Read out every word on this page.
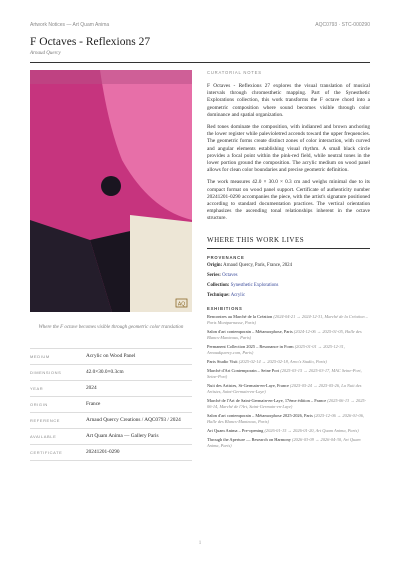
Artwork Notices — Art Quam Anima	AQC0793 · STC-000290
F Octaves - Reflexions 27
Arnaud Quercy
AQ
Where the F octave becomes visible through geometric color translation
MEDIUM	Acrylic on Wood Panel
DIMENSIONS	42.0×30.0×0.3cm
YEAR	2024
ORIGIN	France
REFERENCE	Arnaud Quercy Creations / AQC0793 / 2024
AVAILABLE	Art Quam Anima — Gallery Paris
CERTIFICATE	20241201-0290
CURATORIAL NOTES

F Octaves - Reflexions 27 explores the visual translation of musical intervals through chromesthetic mapping. Part of the Synesthetic Explorations collection, this work transforms the F octave chord into a geometric composition where sound becomes visible through color dominance and spatial organization.

Red tones dominate the composition, with indianred and brown anchoring the lower register while palevioletred accends toward the upper frequencies. The geometric forms create distinct zones of color interaction, with curved and angular elements establishing visual rhythm. A small black circle provides a focal point within the pink-red field, while neutral tones in the lower portion ground the composition. The acrylic medium on wood panel allows for clean color boundaries and precise geometric definition.

The work measures 42.0 × 30.0 × 0.3 cm and weighs minimal due to its compact format on wood panel support. Certificate of authenticity number 20241201-0290 accompanies the piece, with the artist's signature positioned according to standard documentation practices. The vertical orientation emphasizes the ascending tonal relationships inherent in the octave structure.

WHERE THIS WORK LIVES
PROVENANCE
Origin: Arnaud Quercy, Paris, France, 2024
Series: Octaves
Collection: Synesthetic Explorations
Technique: Acrylic
EXHIBITIONS
Rencontres au Marché de la Création (2024-04-21 → 2024-12-31, Marché de la Création – Paris Montparnasse, Paris)
Salon d'art contemporain – Métamorphose, Paris (2024-12-06 → 2025-01-05, Halle des Blancs-Manteaux, Paris)
Permanent Collection 2025 – Resonance in Form (2025-01-01 → 2025-12-31, Arnaudquercy.com, Paris)
Paris Studio Visit (2025-02-14 → 2025-02-18, Arno's Studio, Paris)
Marché d'Art Contemporain – Seine Port (2025-03-15 → 2025-03-17, MAC Seine-Port, Seine-Port)
Nuit des Artistes, St-Germain-en-Laye, France (2025-05-24 → 2025-05-26, La Nuit des Artistes, Saint-Germain-en-Laye)
Marché de l'Art de Saint-Germain-en-Laye, 17ème édition – France (2025-06-13 → 2025-06-14, Marché de l'Art, Saint-Germain-en-Laye)
Salon d'art contemporain – Métamorphose 2025-2026, Paris (2025-12-06 → 2026-01-06, Halle des Blancs-Manteaux, Paris)
Art Quam Anima – Pre-opening (2026-01-15 → 2026-01-20, Art Quam Anima, Paris)
Through the Aperture — Research on Harmony (2026-03-09 → 2026-04-30, Art Quam Anima, Paris)
1
